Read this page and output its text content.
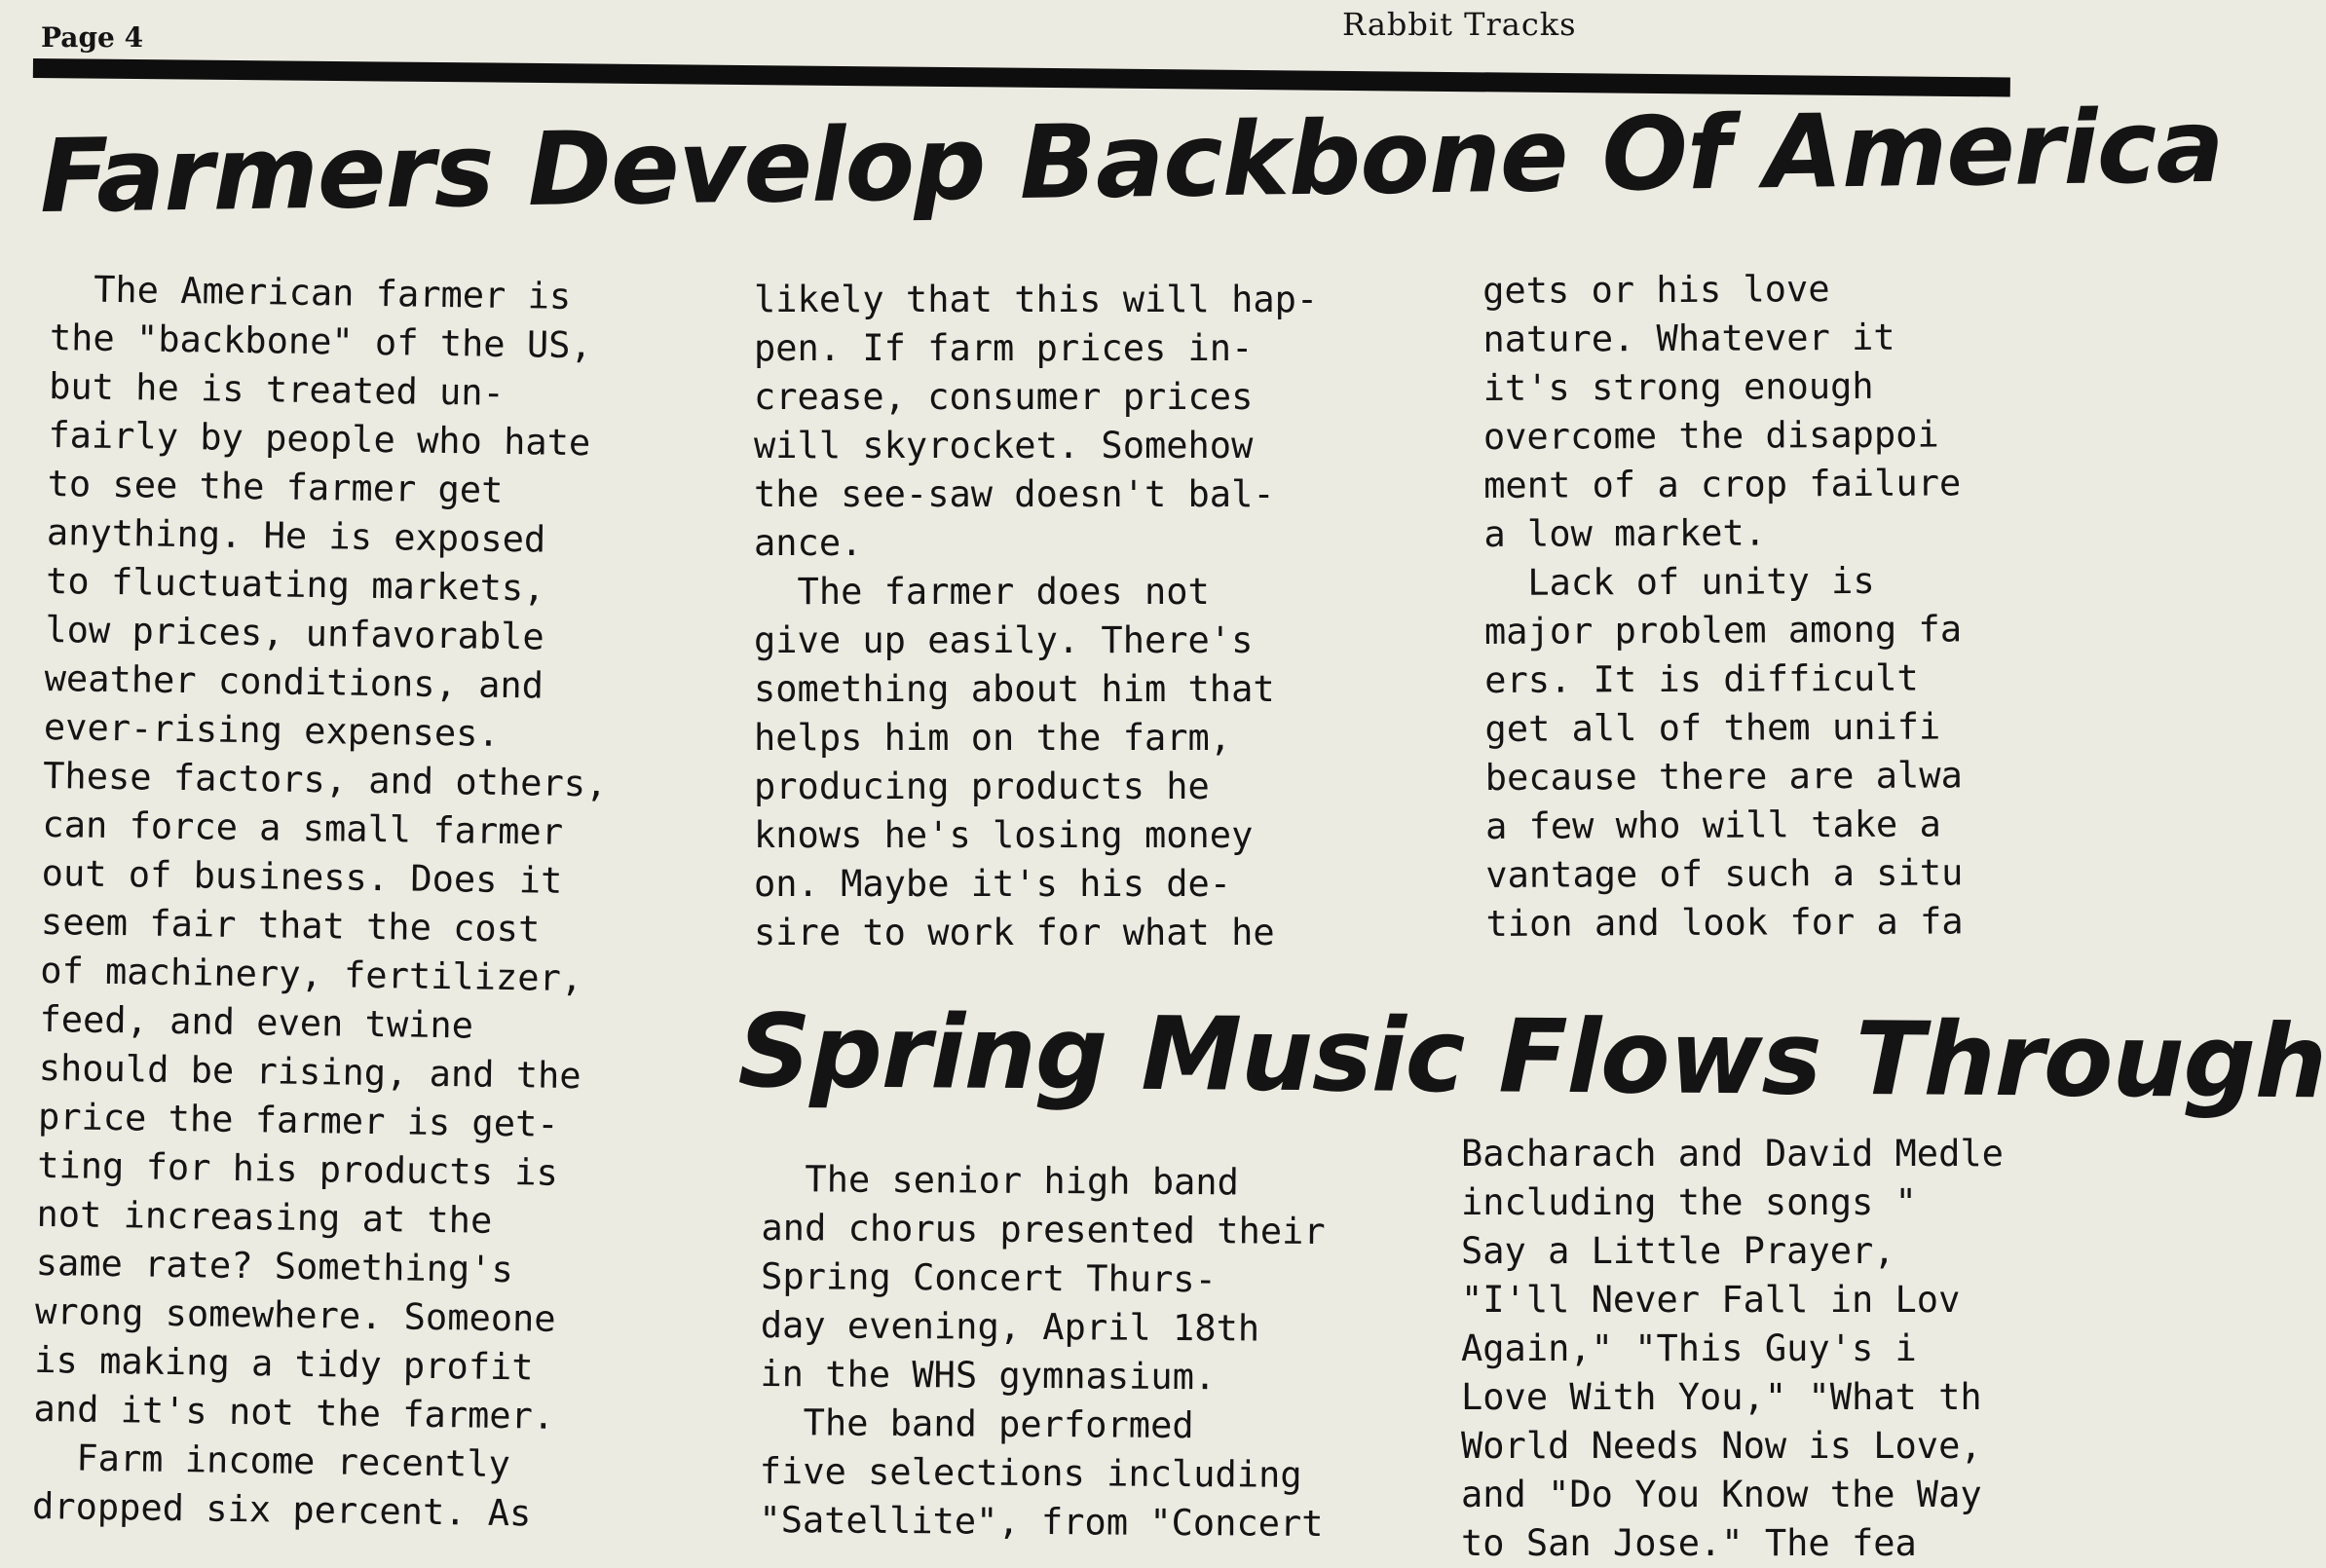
Page 4	Rabbit Tracks
Farmers Develop Backbone Of America
The American farmer is
the "backbone" of the US,
but he is treated un-
fairly by people who hate
to see the farmer get
anything. He is exposed
to fluctuating markets,
low prices, unfavorable
weather conditions, and
ever-rising expenses.
These factors, and others,
can force a small farmer
out of business. Does it
seem fair that the cost
of machinery, fertilizer,
feed, and even twine
should be rising, and the
price the farmer is get-
ting for his products is
not increasing at the
same rate? Something's
wrong somewhere. Someone
is making a tidy profit
and it's not the farmer.
Farm income recently
dropped six percent. As
likely that this will hap-
pen. If farm prices in-
crease, consumer prices
will skyrocket. Somehow
the see-saw doesn't bal-
ance.
The farmer does not
give up easily. There's
something about him that
helps him on the farm,
producing products he
knows he's losing money
on. Maybe it's his de-
sire to work for what he
gets or his love
nature. Whatever it
it's strong enough
overcome the disappoi
ment of a crop failure
a low market.
Lack of unity is
major problem among fa
ers. It is difficult
get all of them unifi
because there are alwa
a few who will take a
vantage of such a situ
tion and look for a fa
Spring Music Flows Through
The senior high band
and chorus presented their
Spring Concert Thurs-
day evening, April 18th
in the WHS gymnasium.
The band performed
five selections including
"Satellite", from "Concert
Bacharach and David Medle
including the songs "
Say a Little Prayer,
"I'll Never Fall in Lov
Again," "This Guy's i
Love With You," "What th
World Needs Now is Love,
and "Do You Know the Way
to San Jose." The fea
